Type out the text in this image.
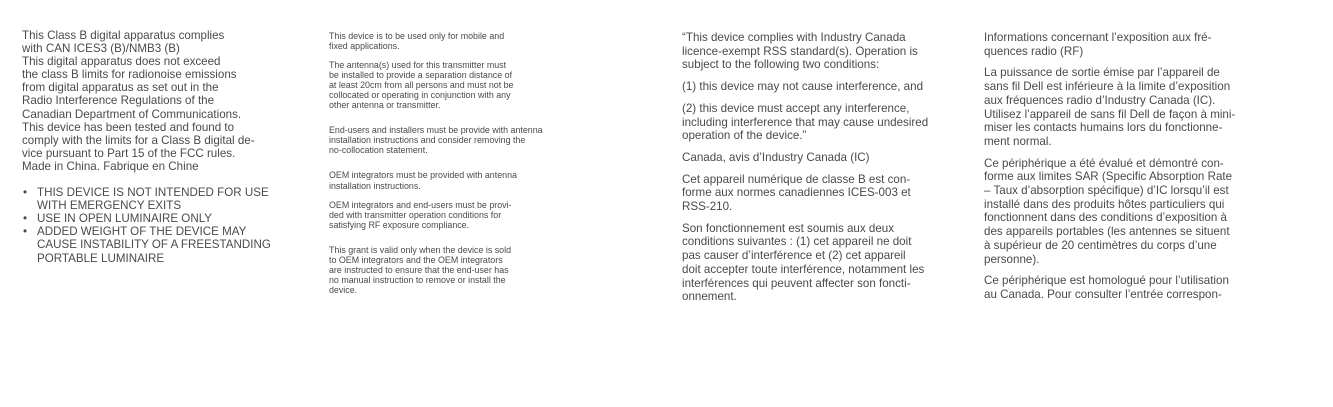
This Class B digital apparatus complies
with CAN ICES3 (B)/NMB3 (B)
This digital apparatus does not exceed
the class B limits for radionoise emissions
from digital apparatus as set out in the
Radio Interference Regulations of the
Canadian Department of Communications.
This device has been tested and found to
comply with the limits for a Class B digital de-
vice pursuant to Part 15 of the FCC rules.
Made in China. Fabrique en Chine

• THIS DEVICE IS NOT INTENDED FOR USE
WITH EMERGENCY EXITS
• USE IN OPEN LUMINAIRE ONLY
• ADDED WEIGHT OF THE DEVICE MAY
CAUSE INSTABILITY OF A FREESTANDING
PORTABLE LUMINAIRE

This device is to be used only for mobile and
fixed applications.

The antenna(s) used for this transmitter must
be installed to provide a separation distance of
at least 20cm from all persons and must not be
collocated or operating in conjunction with any
other antenna or transmitter.

End-users and installers must be provide with antenna
installation instructions and consider removing the
no-collocation statement.

OEM integrators must be provided with antenna
installation instructions.

OEM integrators and end-users must be provi-
ded with transmitter operation conditions for
satisfying RF exposure compliance.

This grant is valid only when the device is sold
to OEM integrators and the OEM integrators
are instructed to ensure that the end-user has
no manual instruction to remove or install the
device.

“This device complies with Industry Canada
licence-exempt RSS standard(s). Operation is
subject to the following two conditions:

(1) this device may not cause interference, and

(2) this device must accept any interference,
including interference that may cause undesired
operation of the device.”

Canada, avis d’Industry Canada (IC)

Cet appareil numérique de classe B est con-
forme aux normes canadiennes ICES-003 et
RSS-210.

Son fonctionnement est soumis aux deux
conditions suivantes : (1) cet appareil ne doit
pas causer d’interférence et (2) cet appareil
doit accepter toute interférence, notamment les
interférences qui peuvent affecter son foncti-
onnement.

Informations concernant l’exposition aux fré-
quences radio (RF)

La puissance de sortie émise par l’appareil de
sans fil Dell est inférieure à la limite d’exposition
aux fréquences radio d’Industry Canada (IC).
Utilisez l’appareil de sans fil Dell de façon à mini-
miser les contacts humains lors du fonctionne-
ment normal.

Ce périphérique a été évalué et démontré con-
forme aux limites SAR (Specific Absorption Rate
– Taux d’absorption spécifique) d’IC lorsqu’il est
installé dans des produits hôtes particuliers qui
fonctionnent dans des conditions d’exposition à
des appareils portables (les antennes se situent
à supérieur de 20 centimètres du corps d’une
personne).

Ce périphérique est homologué pour l’utilisation
au Canada. Pour consulter l’entrée correspon-
